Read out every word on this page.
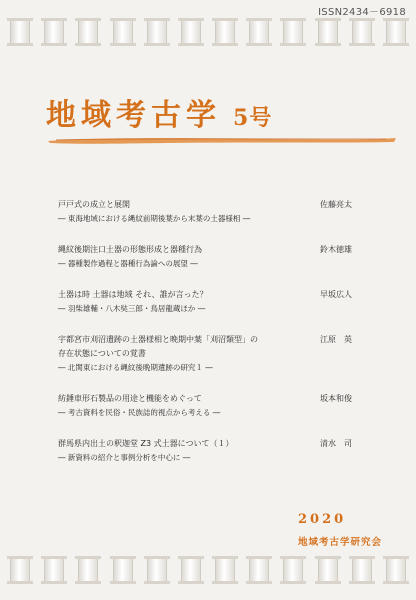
ISSN2434－6918
地域考古学 5号
戸戸式の成立と展開	佐藤亮太
― 東海地域における縄紋前期後葉から末葉の土器様相 ―
縄紋後期注口土器の形態形成と器種行為	鈴木徳雄
― 器種製作過程と器種行為論への展望 ―
土器は時 土器は地域 それ、誰が言った？	早坂広人
― 羽柴雄輔・八木奘三郎・鳥居龍蔵ほか ―
宇都宮市刈沼遺跡の土器様相と晩期中葉「刈沼類型」の	江原　英
存在状態についての覚書
― 北関東における縄紋後晩期遺跡の研究１ ―
紡錘車形石製品の用途と機能をめぐって	坂本和俊
― 考古資料を民俗・民族誌的視点から考える ―
群馬県内出土の釈迦堂 Z3 式土器について（１）	清水　司
― 新資料の紹介と事例分析を中心に ―
2020
地域考古学研究会
